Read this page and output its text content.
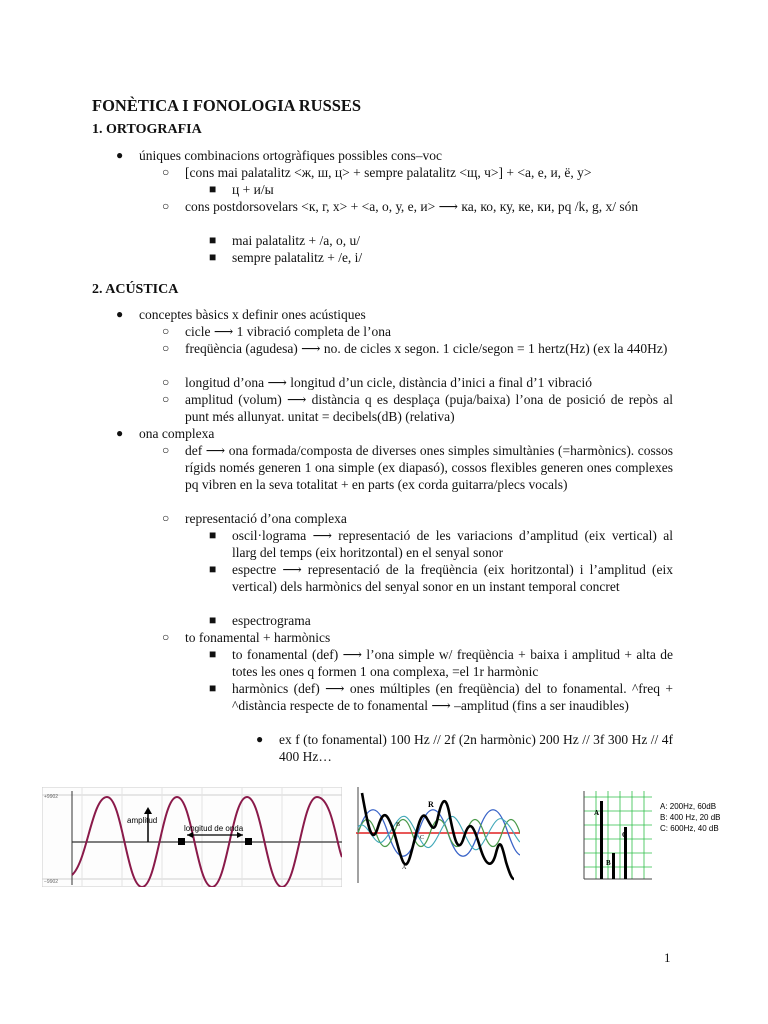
FONÈTICA I FONOLOGIA RUSSES
1. ORTOGRAFIA
● úniques combinacions ortogràfiques possibles cons–voc
○ [cons mai palatalitz <ж, ш, ц> + sempre palatalitz <щ, ч>] + <а, е, и, ё, у>
■ ц + и/ы
○ cons postdorsovelars <к, г, х> + <а, о, у, е, и> ⟶ ка, ко, ку, ке, ки, pq /k, g, x/ són
■ mai palatalitz + /a, o, u/
■ sempre palatalitz + /e, i/
2. ACÚSTICA
● conceptes bàsics x definir ones acústiques
○ cicle ⟶ 1 vibració completa de l’ona
○ freqüència (agudesa) ⟶ no. de cicles x segon. 1 cicle/segon = 1 hertz(Hz) (ex la 440Hz)
○ longitud d’ona ⟶ longitud d’un cicle, distància d’inici a final d’1 vibració
○ amplitud (volum) ⟶ distància q es desplaça (puja/baixa) l’ona de posició de repòs al punt més allunyat. unitat = decibels(dB) (relativa)
● ona complexa
○ def ⟶ ona formada/composta de diverses ones simples simultànies (=harmònics). cossos rígids només generen 1 ona simple (ex diapasó), cossos flexibles generen ones complexes pq vibren en la seva totalitat + en parts (ex corda guitarra/plecs vocals)
○ representació d’ona complexa
■ oscil·lograma ⟶ representació de les variacions d’amplitud (eix vertical) al llarg del temps (eix horitzontal) en el senyal sonor
■ espectre ⟶ representació de la freqüència (eix horitzontal) i l’amplitud (eix vertical) dels harmònics del senyal sonor en un instant temporal concret
■ espectrograma
○ to fonamental + harmònics
■ to fonamental (def) ⟶ l’ona simple w/ freqüència + baixa i amplitud + alta de totes les ones q formen 1 ona complexa, =el 1r harmònic
■ harmònics (def) ⟶ ones múltiples (en freqüència) del to fonamental. ^freq + ^distància respecte de to fonamental ⟶ –amplitud (fins a ser inaudibles)
● ex f (to fonamental) 100 Hz // 2f (2n harmònic) 200 Hz // 3f 300 Hz // 4f 400 Hz…
amplitud
longitud de onda
+9902
−9902
R
A
B
C
A
B
C
A: 200Hz, 60dB
B: 400 Hz, 20 dB
C: 600Hz, 40 dB
1
